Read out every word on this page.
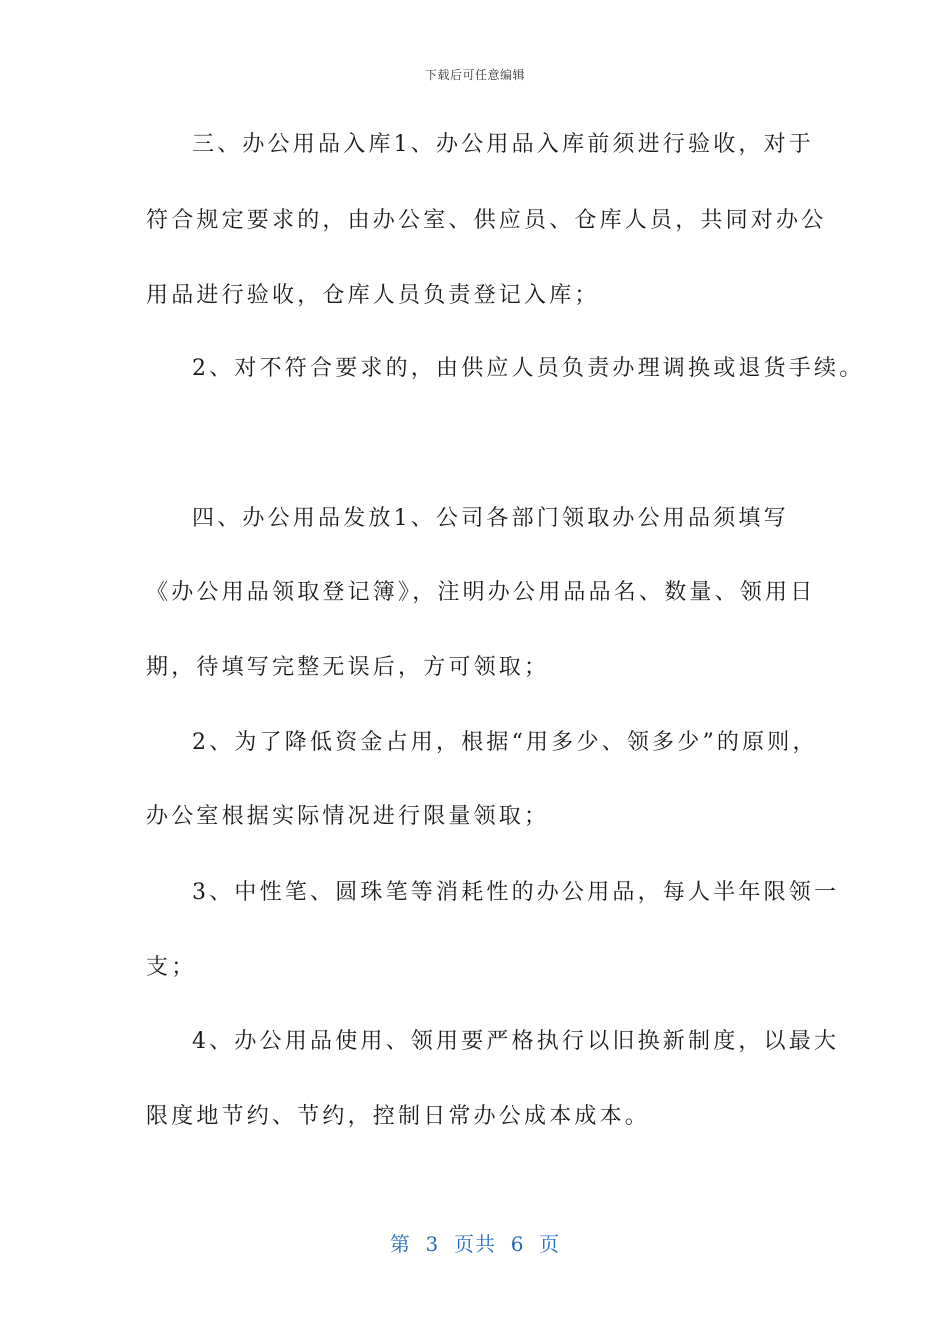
下载后可任意编辑
三、办公用品入库1、办公用品入库前须进行验收，对于
符合规定要求的，由办公室、供应员、仓库人员，共同对办公
用品进行验收，仓库人员负责登记入库；
2、对不符合要求的，由供应人员负责办理调换或退货手续。
四、办公用品发放1、公司各部门领取办公用品须填写
《办公用品领取登记簿》，注明办公用品品名、数量、领用日
期，待填写完整无误后，方可领取；
2、为了降低资金占用，根据“用多少、领多少”的原则，
办公室根据实际情况进行限量领取；
3、中性笔、圆珠笔等消耗性的办公用品，每人半年限领一
支；
4、办公用品使用、领用要严格执行以旧换新制度，以最大
限度地节约、节约，控制日常办公成本成本。
第  3  页共  6  页
